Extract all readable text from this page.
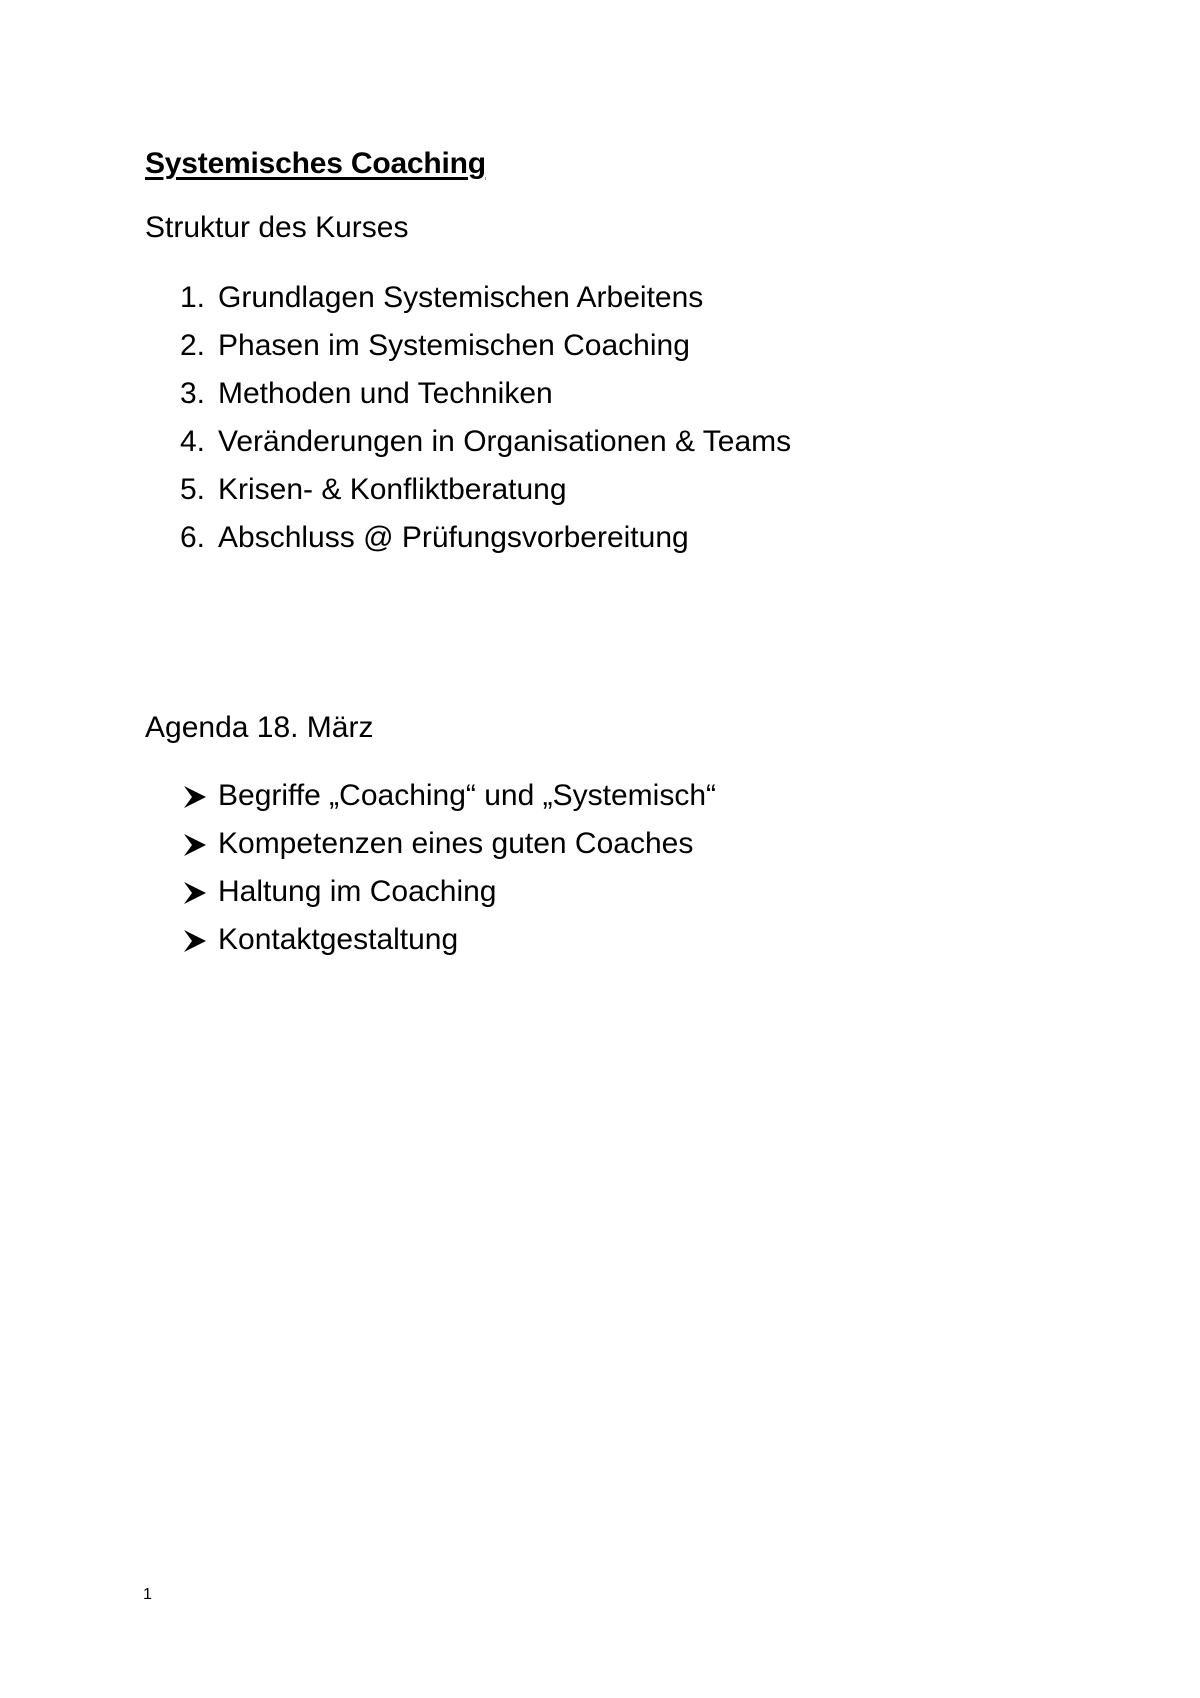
Systemisches Coaching
Struktur des Kurses
1. Grundlagen Systemischen Arbeitens
2. Phasen im Systemischen Coaching
3. Methoden und Techniken
4. Veränderungen in Organisationen & Teams
5. Krisen- & Konfliktberatung
6. Abschluss @ Prüfungsvorbereitung
Agenda 18. März
Begriffe „Coaching“ und „Systemisch“
Kompetenzen eines guten Coaches
Haltung im Coaching
Kontaktgestaltung
1
